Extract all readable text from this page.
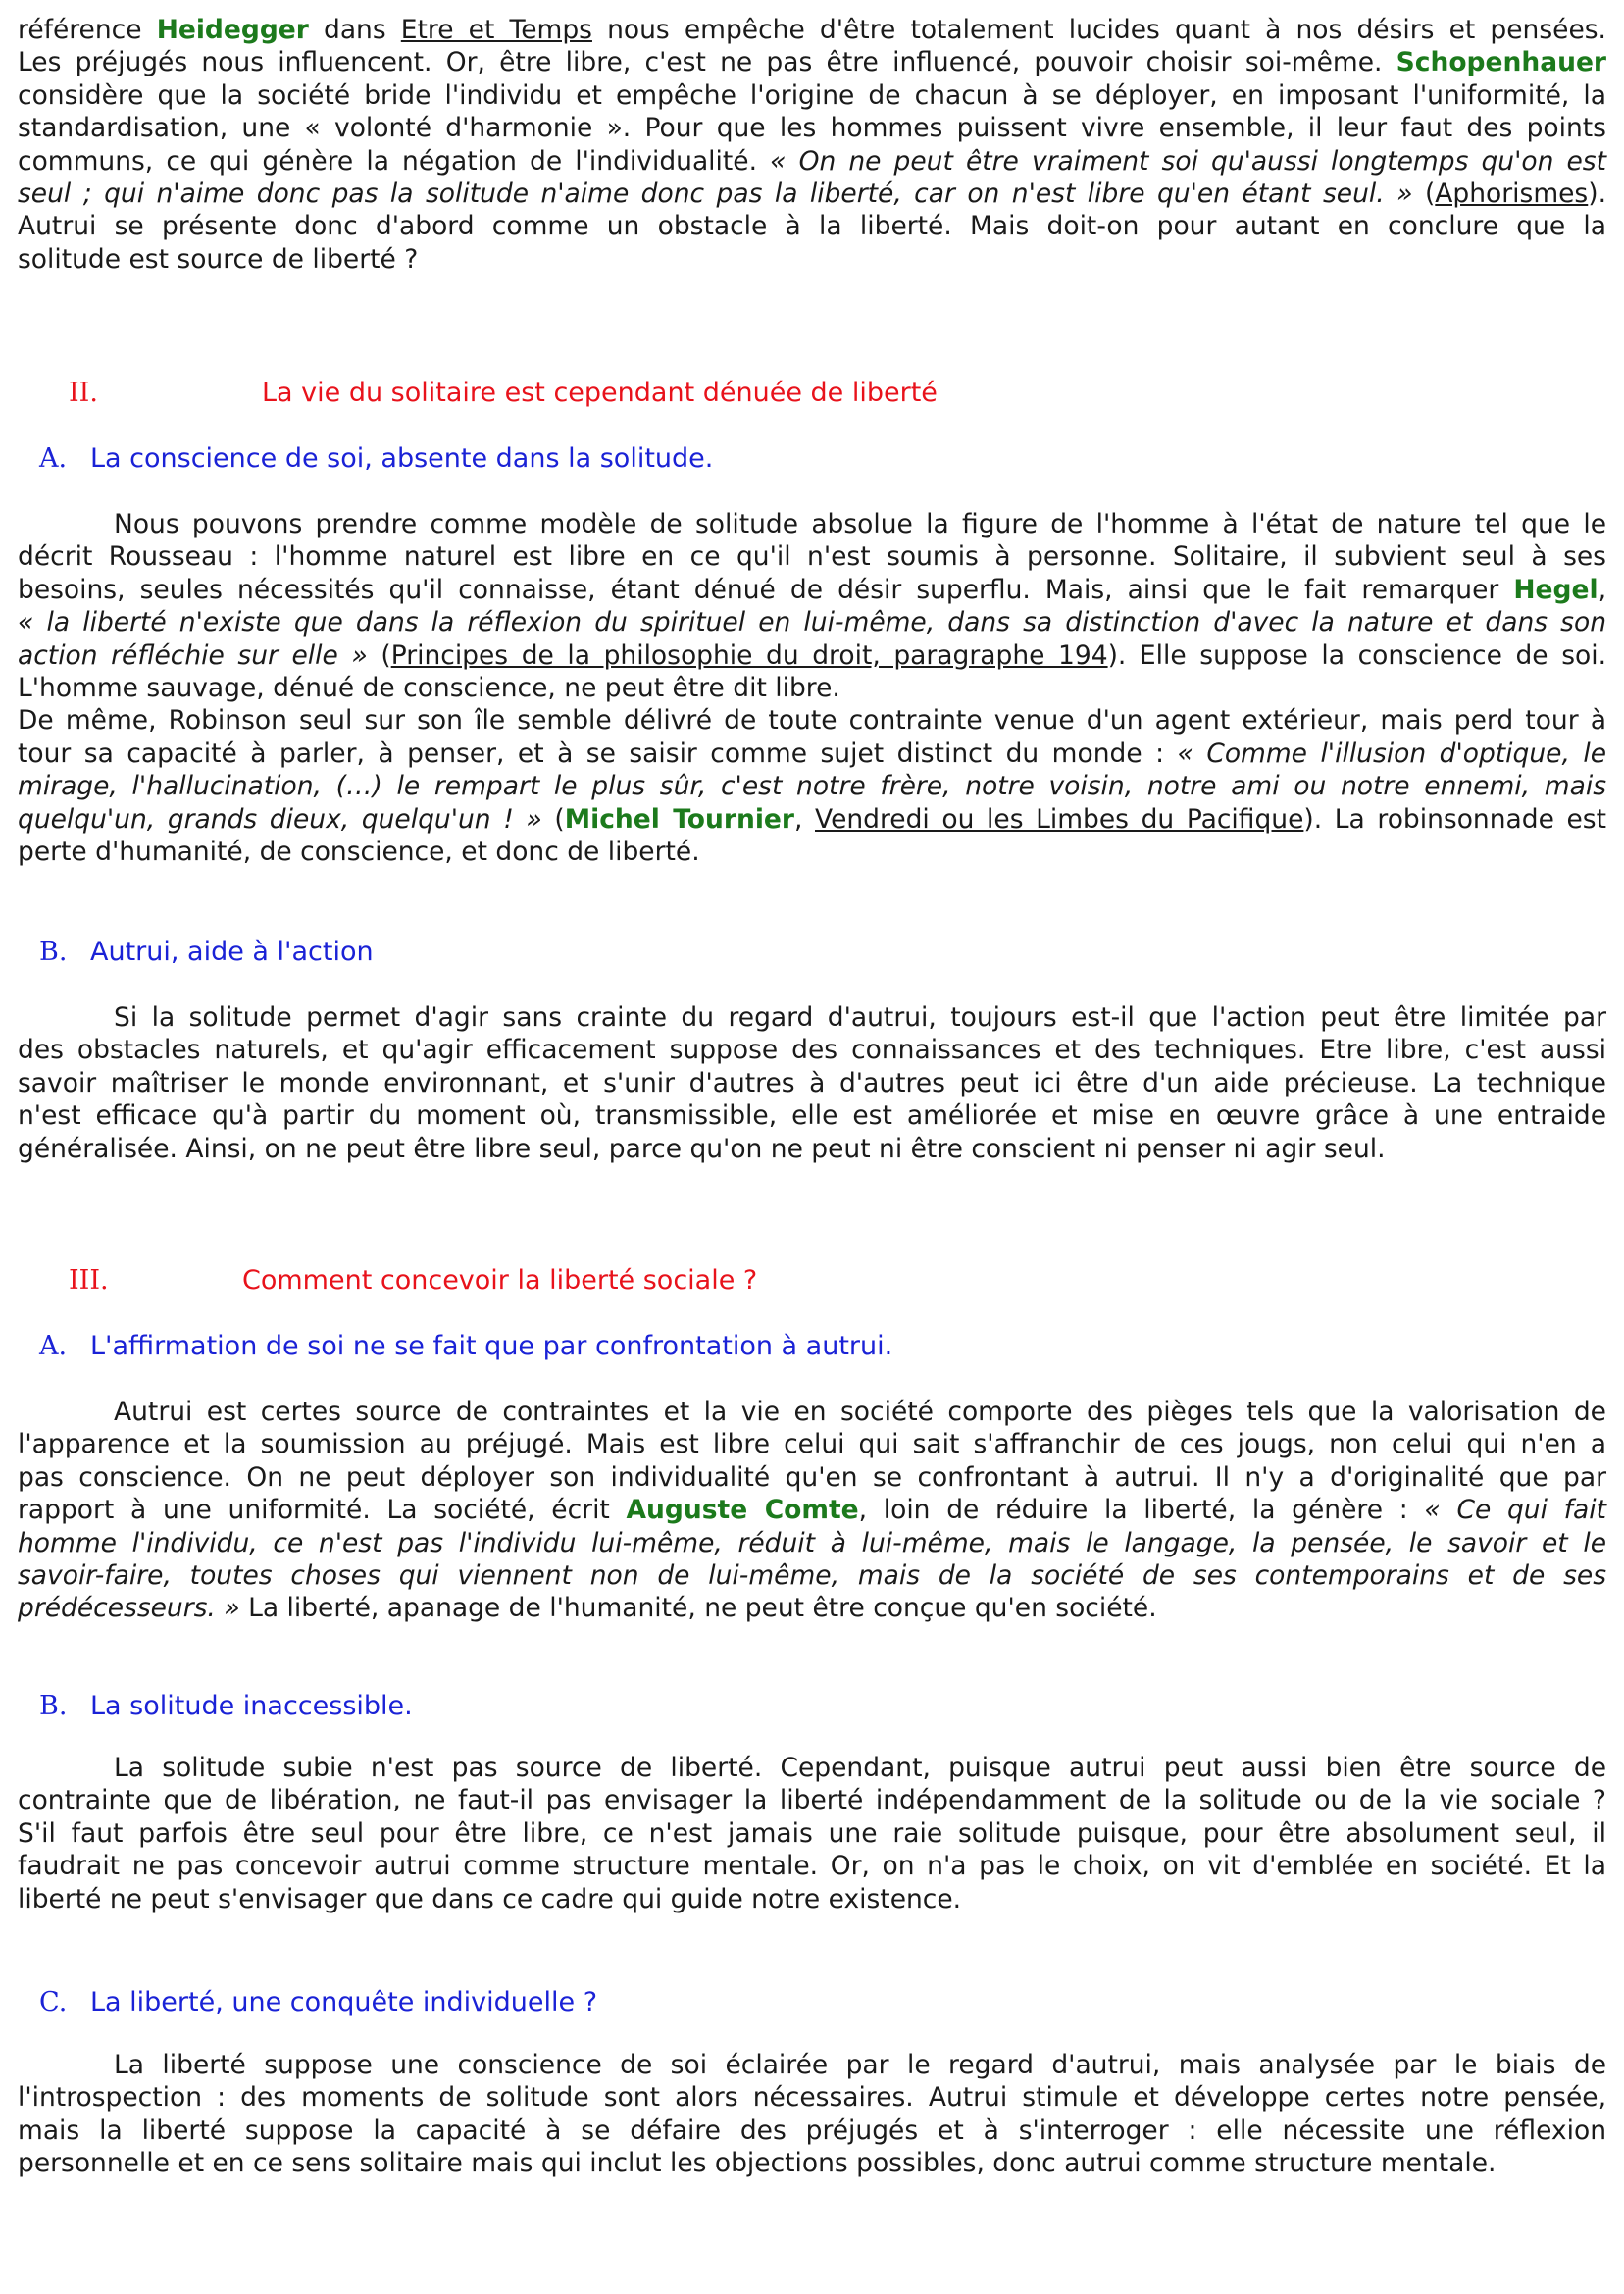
référence Heidegger dans Etre et Temps nous empêche d'être totalement lucides quant à nos désirs et pensées.
Les préjugés nous influencent. Or, être libre, c'est ne pas être influencé, pouvoir choisir soi-même. Schopenhauer
considère que la société bride l'individu et empêche l'origine de chacun à se déployer, en imposant l'uniformité, la
standardisation, une « volonté d'harmonie ». Pour que les hommes puissent vivre ensemble, il leur faut des points
communs, ce qui génère la négation de l'individualité. « On ne peut être vraiment soi qu'aussi longtemps qu'on est
seul ; qui n'aime donc pas la solitude n'aime donc pas la liberté, car on n'est libre qu'en étant seul. » (Aphorismes).
Autrui se présente donc d'abord comme un obstacle à la liberté. Mais doit-on pour autant en conclure que la
solitude est source de liberté ?

II.	La vie du solitaire est cependant dénuée de liberté
A. La conscience de soi, absente dans la solitude.

Nous pouvons prendre comme modèle de solitude absolue la figure de l'homme à l'état de nature tel que le
décrit Rousseau : l'homme naturel est libre en ce qu'il n'est soumis à personne. Solitaire, il subvient seul à ses
besoins, seules nécessités qu'il connaisse, étant dénué de désir superflu. Mais, ainsi que le fait remarquer Hegel,
« la liberté n'existe que dans la réflexion du spirituel en lui-même, dans sa distinction d'avec la nature et dans son
action réfléchie sur elle » (Principes de la philosophie du droit, paragraphe 194). Elle suppose la conscience de soi.
L'homme sauvage, dénué de conscience, ne peut être dit libre.
De même, Robinson seul sur son île semble délivré de toute contrainte venue d'un agent extérieur, mais perd tour à
tour sa capacité à parler, à penser, et à se saisir comme sujet distinct du monde : « Comme l'illusion d'optique, le
mirage, l'hallucination, (…) le rempart le plus sûr, c'est notre frère, notre voisin, notre ami ou notre ennemi, mais
quelqu'un, grands dieux, quelqu'un ! » (Michel Tournier, Vendredi ou les Limbes du Pacifique). La robinsonnade est
perte d'humanité, de conscience, et donc de liberté.

B. Autrui, aide à l'action

Si la solitude permet d'agir sans crainte du regard d'autrui, toujours est-il que l'action peut être limitée par
des obstacles naturels, et qu'agir efficacement suppose des connaissances et des techniques. Etre libre, c'est aussi
savoir maîtriser le monde environnant, et s'unir d'autres à d'autres peut ici être d'un aide précieuse. La technique
n'est efficace qu'à partir du moment où, transmissible, elle est améliorée et mise en œuvre grâce à une entraide
généralisée. Ainsi, on ne peut être libre seul, parce qu'on ne peut ni être conscient ni penser ni agir seul.

III.	Comment concevoir la liberté sociale ?
A. L'affirmation de soi ne se fait que par confrontation à autrui.

Autrui est certes source de contraintes et la vie en société comporte des pièges tels que la valorisation de
l'apparence et la soumission au préjugé. Mais est libre celui qui sait s'affranchir de ces jougs, non celui qui n'en a
pas conscience. On ne peut déployer son individualité qu'en se confrontant à autrui. Il n'y a d'originalité que par
rapport à une uniformité. La société, écrit Auguste Comte, loin de réduire la liberté, la génère : « Ce qui fait
homme l'individu, ce n'est pas l'individu lui-même, réduit à lui-même, mais le langage, la pensée, le savoir et le
savoir-faire, toutes choses qui viennent non de lui-même, mais de la société de ses contemporains et de ses
prédécesseurs. » La liberté, apanage de l'humanité, ne peut être conçue qu'en société.

B. La solitude inaccessible.

La solitude subie n'est pas source de liberté. Cependant, puisque autrui peut aussi bien être source de
contrainte que de libération, ne faut-il pas envisager la liberté indépendamment de la solitude ou de la vie sociale ?
S'il faut parfois être seul pour être libre, ce n'est jamais une raie solitude puisque, pour être absolument seul, il
faudrait ne pas concevoir autrui comme structure mentale. Or, on n'a pas le choix, on vit d'emblée en société. Et la
liberté ne peut s'envisager que dans ce cadre qui guide notre existence.

C. La liberté, une conquête individuelle ?

La liberté suppose une conscience de soi éclairée par le regard d'autrui, mais analysée par le biais de
l'introspection : des moments de solitude sont alors nécessaires. Autrui stimule et développe certes notre pensée,
mais la liberté suppose la capacité à se défaire des préjugés et à s'interroger : elle nécessite une réflexion
personnelle et en ce sens solitaire mais qui inclut les objections possibles, donc autrui comme structure mentale.
